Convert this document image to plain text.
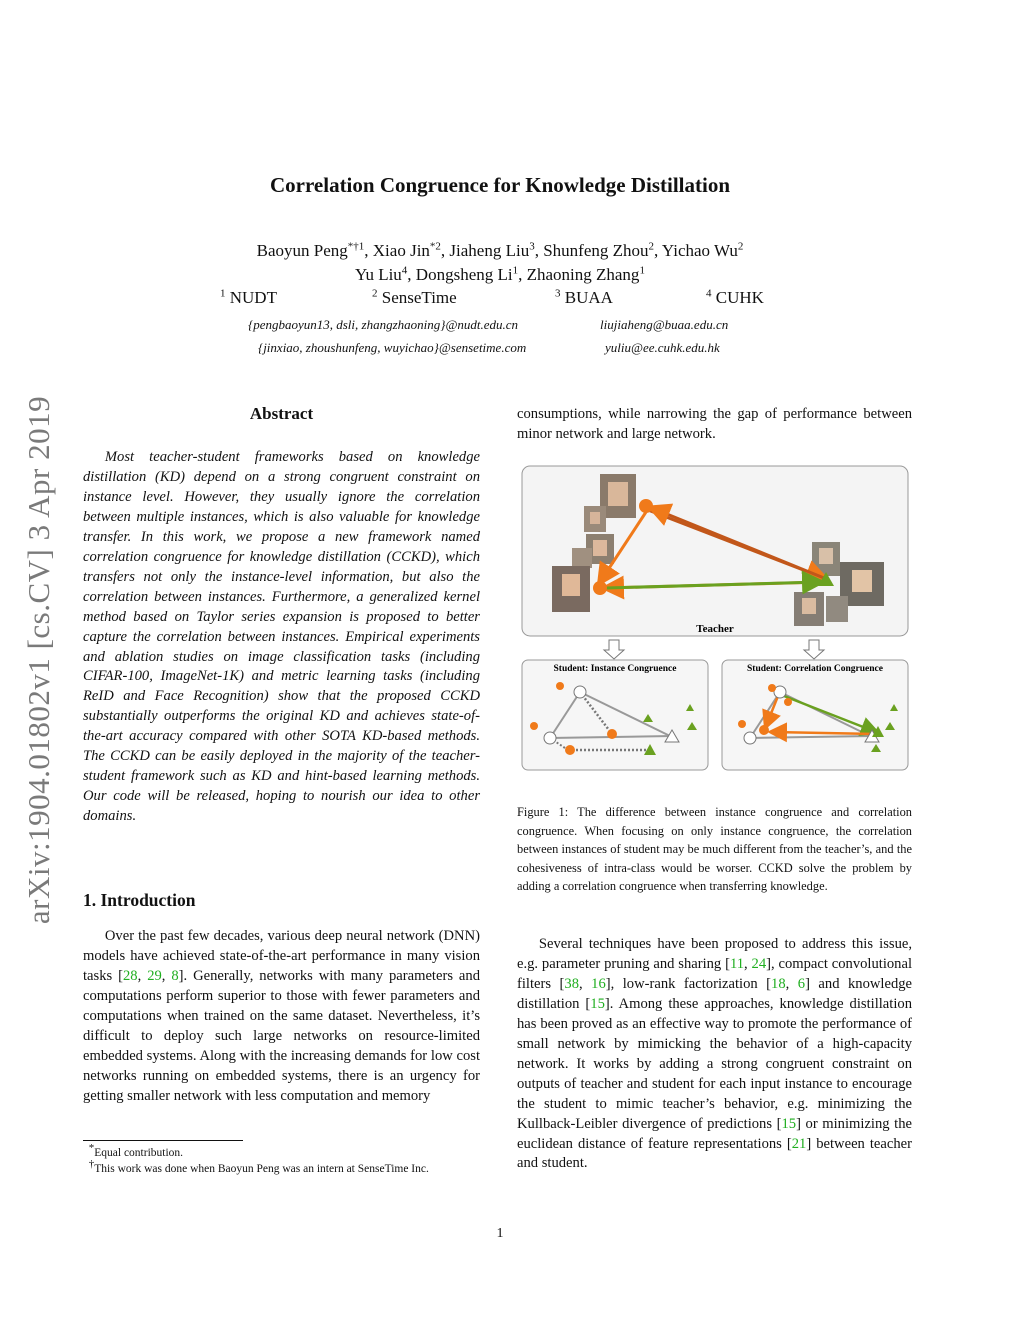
arXiv:1904.01802v1 [cs.CV] 3 Apr 2019
Correlation Congruence for Knowledge Distillation
Baoyun Peng$^{*\dagger 1}$, Xiao Jin$^{*2}$, Jiaheng Liu$^3$, Shunfeng Zhou$^2$, Yichao Wu$^2$
Yu Liu$^4$, Dongsheng Li$^1$, Zhaoning Zhang$^1$
$^1$ NUDT	$^2$ SenseTime	$^3$ BUAA	$^4$ CUHK
{pengbaoyun13, dsli, zhangzhaoning}@nudt.edu.cn	liujiaheng@buaa.edu.cn
{jinxiao, zhoushunfeng, wuyichao}@sensetime.com	yuliu@ee.cuhk.edu.hk
Abstract

Most teacher-student frameworks based on knowledge distillation (KD) depend on a strong congruent constraint on instance level. However, they usually ignore the correlation between multiple instances, which is also valuable for knowledge transfer. In this work, we propose a new framework named correlation congruence for knowledge distillation (CCKD), which transfers not only the instance-level information, but also the correlation between instances. Furthermore, a generalized kernel method based on Taylor series expansion is proposed to better capture the correlation between instances. Empirical experiments and ablation studies on image classification tasks (including CIFAR-100, ImageNet-1K) and metric learning tasks (including ReID and Face Recognition) show that the proposed CCKD substantially outperforms the original KD and achieves state-of-the-art accuracy compared with other SOTA KD-based methods. The CCKD can be easily deployed in the majority of the teacher-student framework such as KD and hint-based learning methods. Our code will be released, hoping to nourish our idea to other domains.

1. Introduction

Over the past few decades, various deep neural network (DNN) models have achieved state-of-the-art performance in many vision tasks [28, 29, 8]. Generally, networks with many parameters and computations perform superior to those with fewer parameters and computations when trained on the same dataset. Nevertheless, it’s difficult to deploy such large networks on resource-limited embedded systems. Along with the increasing demands for low cost networks running on embedded systems, there is an urgency for getting smaller network with less computation and memory

*Equal contribution.
†This work was done when Baoyun Peng was an intern at SenseTime Inc.
consumptions, while narrowing the gap of performance between minor network and large network.
Teacher
Student: Instance Congruence	Student: Correlation Congruence
Figure 1: The difference between instance congruence and correlation congruence. When focusing on only instance congruence, the correlation between instances of student may be much different from the teacher’s, and the cohesiveness of intra-class would be worser. CCKD solve the problem by adding a correlation congruence when transferring knowledge.

Several techniques have been proposed to address this issue, e.g. parameter pruning and sharing [11, 24], compact convolutional filters [38, 16], low-rank factorization [18, 6] and knowledge distillation [15]. Among these approaches, knowledge distillation has been proved as an effective way to promote the performance of small network by mimicking the behavior of a high-capacity network. It works by adding a strong congruent constraint on outputs of teacher and student for each input instance to encourage the student to mimic teacher’s behavior, e.g. minimizing the Kullback-Leibler divergence of predictions [15] or minimizing the euclidean distance of feature representations [21] between teacher and student.

1
